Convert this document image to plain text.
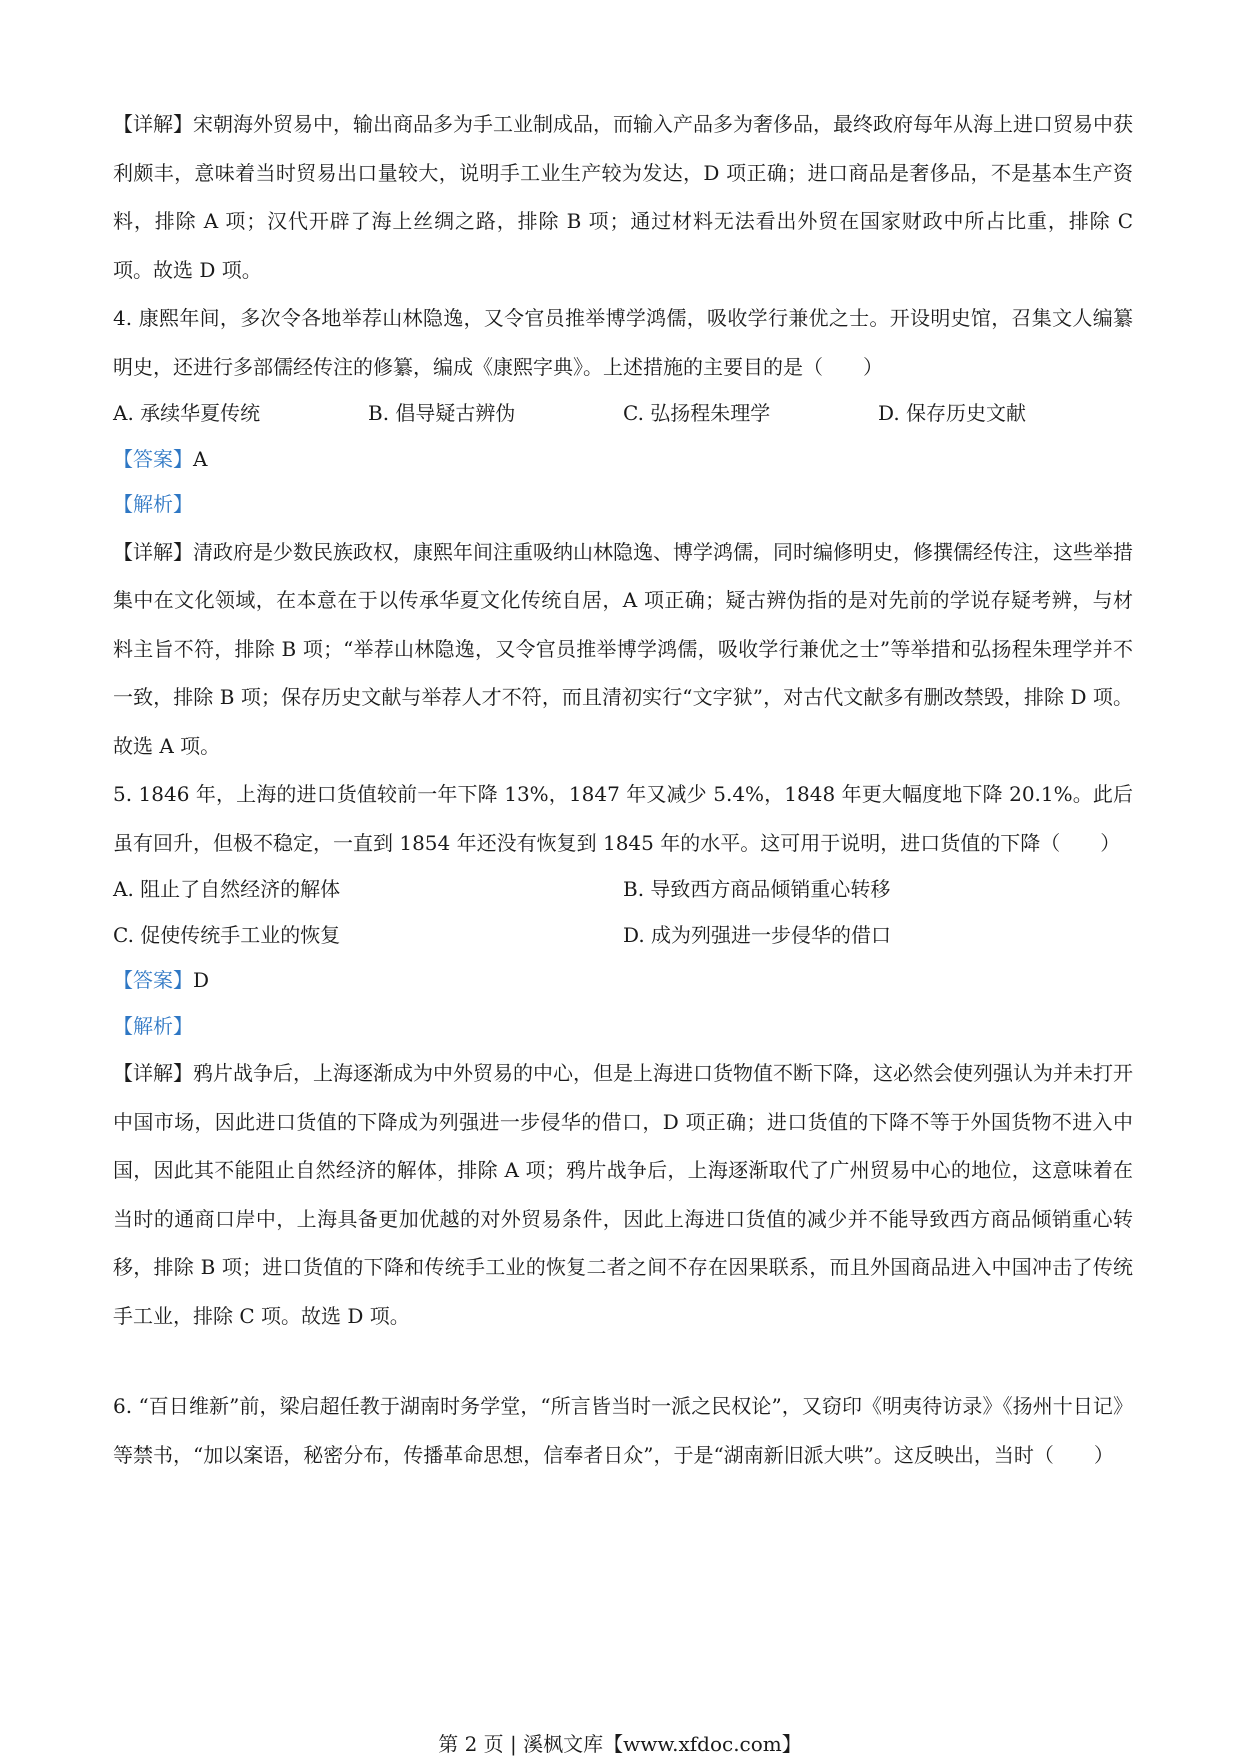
【详解】宋朝海外贸易中，输出商品多为手工业制成品，而输入产品多为奢侈品，最终政府每年从海上进口贸易中获利颇丰，意味着当时贸易出口量较大，说明手工业生产较为发达，D 项正确；进口商品是奢侈品，不是基本生产资料，排除 A 项；汉代开辟了海上丝绸之路，排除 B 项；通过材料无法看出外贸在国家财政中所占比重，排除 C 项。故选 D 项。

4. 康熙年间，多次令各地举荐山林隐逸，又令官员推举博学鸿儒，吸收学行兼优之士。开设明史馆，召集文人编纂明史，还进行多部儒经传注的修纂，编成《康熙字典》。上述措施的主要目的是（　　）

A. 承续华夏传统	B. 倡导疑古辨伪	C. 弘扬程朱理学	D. 保存历史文献

【答案】A

【解析】

【详解】清政府是少数民族政权，康熙年间注重吸纳山林隐逸、博学鸿儒，同时编修明史，修撰儒经传注，这些举措集中在文化领域，在本意在于以传承华夏文化传统自居，A 项正确；疑古辨伪指的是对先前的学说存疑考辨，与材料主旨不符，排除 B 项；“举荐山林隐逸，又令官员推举博学鸿儒，吸收学行兼优之士”等举措和弘扬程朱理学并不一致，排除 B 项；保存历史文献与举荐人才不符，而且清初实行“文字狱”，对古代文献多有删改禁毁，排除 D 项。故选 A 项。

5. 1846 年，上海的进口货值较前一年下降 13%，1847 年又减少 5.4%，1848 年更大幅度地下降 20.1%。此后虽有回升，但极不稳定，一直到 1854 年还没有恢复到 1845 年的水平。这可用于说明，进口货值的下降（　　）

A. 阻止了自然经济的解体	B. 导致西方商品倾销重心转移
C. 促使传统手工业的恢复	D. 成为列强进一步侵华的借口

【答案】D

【解析】

【详解】鸦片战争后，上海逐渐成为中外贸易的中心，但是上海进口货物值不断下降，这必然会使列强认为并未打开中国市场，因此进口货值的下降成为列强进一步侵华的借口，D 项正确；进口货值的下降不等于外国货物不进入中国，因此其不能阻止自然经济的解体，排除 A 项；鸦片战争后，上海逐渐取代了广州贸易中心的地位，这意味着在当时的通商口岸中，上海具备更加优越的对外贸易条件，因此上海进口货值的减少并不能导致西方商品倾销重心转移，排除 B 项；进口货值的下降和传统手工业的恢复二者之间不存在因果联系，而且外国商品进入中国冲击了传统手工业，排除 C 项。故选 D 项。

6. “百日维新”前，梁启超任教于湖南时务学堂，“所言皆当时一派之民权论”，又窃印《明夷待访录》《扬州十日记》等禁书，“加以案语，秘密分布，传播革命思想，信奉者日众”，于是“湖南新旧派大哄”。这反映出，当时（　　）

第 2 页 | 溪枫文库【www.xfdoc.com】
